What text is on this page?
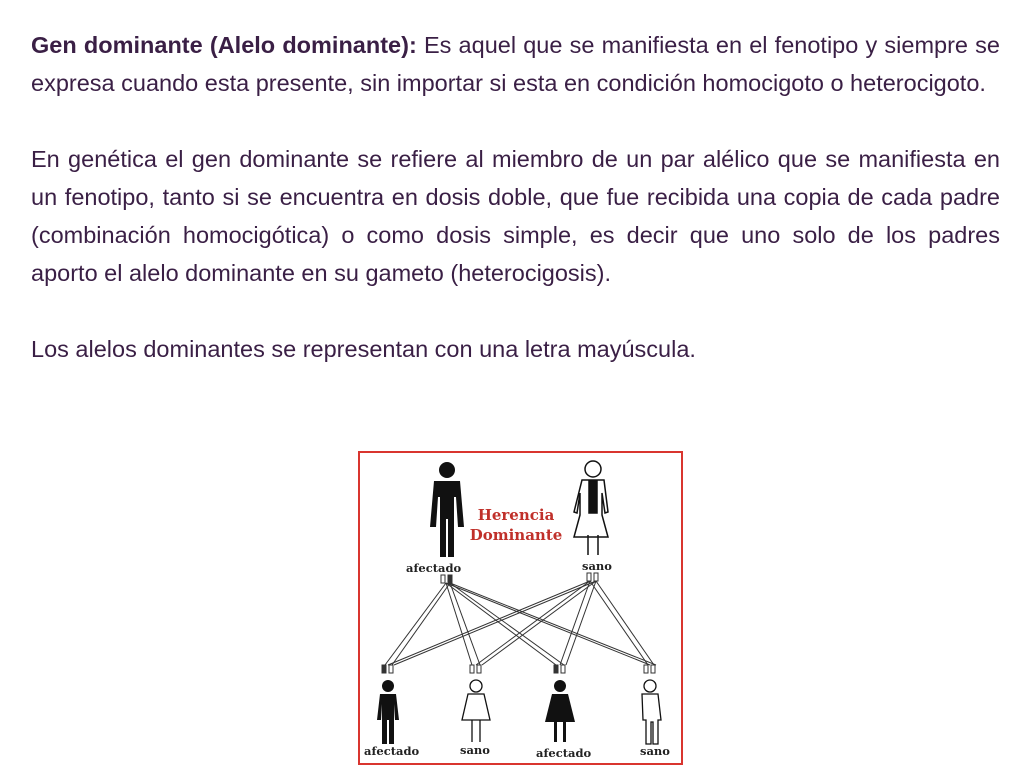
Gen dominante (Alelo dominante): Es aquel que se manifiesta en el fenotipo y siempre se expresa cuando esta presente, sin importar si esta en condición homocigoto o heterocigoto.

En genética el gen dominante se refiere al miembro de un par alélico que se manifiesta en un fenotipo, tanto si se encuentra en dosis doble, que fue recibida una copia de cada padre (combinación homocigótica) o como dosis simple, es decir que uno solo de los padres aporto el alelo dominante en su gameto (heterocigosis).

Los alelos dominantes se representan con una letra mayúscula.

Herencia
Dominante
afectado	sano
afectado	sano	afectado	sano
